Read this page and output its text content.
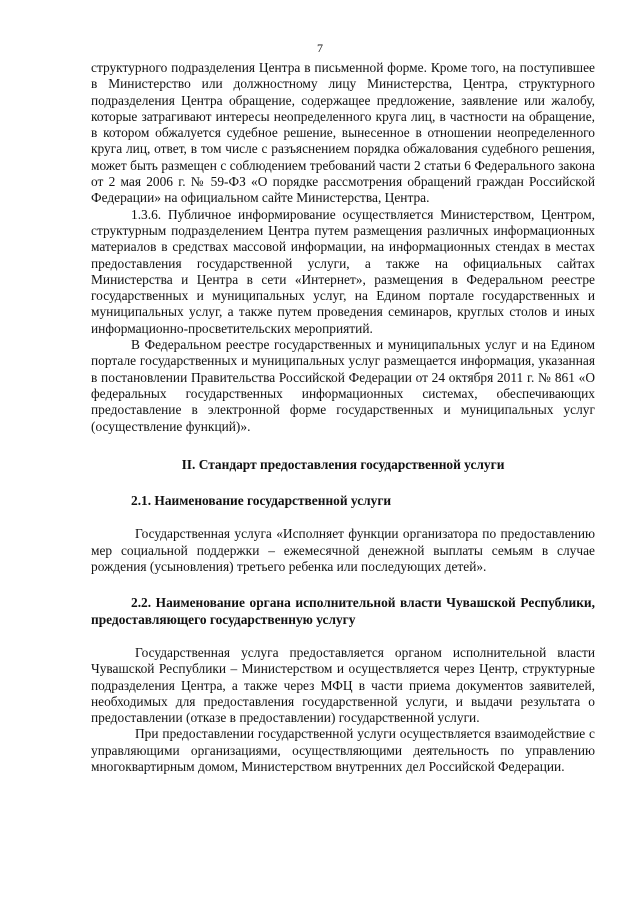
7

структурного подразделения Центра в письменной форме. Кроме того, на поступившее в Министерство или должностному лицу Министерства, Центра, структурного подразделения Центра обращение, содержащее предложение, заявление или жалобу, которые затрагивают интересы неопределенного круга лиц, в частности на обращение, в котором обжалуется судебное решение, вынесенное в отношении неопределенного круга лиц, ответ, в том числе с разъяснением порядка обжалования судебного решения, может быть размещен с соблюдением требований части 2 статьи 6 Федерального закона от 2 мая 2006 г. № 59-ФЗ «О порядке рассмотрения обращений граждан Российской Федерации» на официальном сайте Министерства, Центра.

1.3.6. Публичное информирование осуществляется Министерством, Центром, структурным подразделением Центра путем размещения различных информационных материалов в средствах массовой информации, на информационных стендах в местах предоставления государственной услуги, а также на официальных сайтах Министерства и Центра в сети «Интернет», размещения в Федеральном реестре государственных и муниципальных услуг, на Едином портале государственных и муниципальных услуг, а также путем проведения семинаров, круглых столов и иных информационно-просветительских мероприятий.

В Федеральном реестре государственных и муниципальных услуг и на Едином портале государственных и муниципальных услуг размещается информация, указанная в постановлении Правительства Российской Федерации от 24 октября 2011 г. № 861 «О федеральных государственных информационных системах, обеспечивающих предоставление в электронной форме государственных и муниципальных услуг (осуществление функций)».

II. Стандарт предоставления государственной услуги
2.1. Наименование государственной услуги

Государственная услуга «Исполняет функции организатора по предоставлению мер социальной поддержки – ежемесячной денежной выплаты семьям в случае рождения (усыновления) третьего ребенка или последующих детей».

2.2. Наименование органа исполнительной власти Чувашской Республики, предоставляющего государственную услугу

Государственная услуга предоставляется органом исполнительной власти Чувашской Республики – Министерством и осуществляется через Центр, структурные подразделения Центра, а также через МФЦ в части приема документов заявителей, необходимых для предоставления государственной услуги, и выдачи результата о предоставлении (отказе в предоставлении) государственной услуги.

При предоставлении государственной услуги осуществляется взаимодействие с управляющими организациями, осуществляющими деятельность по управлению многоквартирным домом, Министерством внутренних дел Российской Федерации.
